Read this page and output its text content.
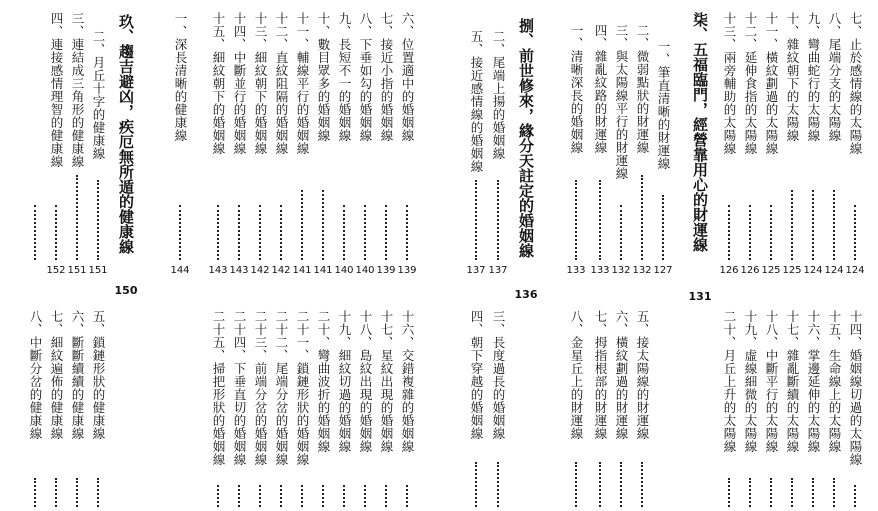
七、止於感情線的太陽線
124
八、尾端分支的太陽線
124
九、彎曲蛇行的太陽線
124
十、雜紋朝下的太陽線
125
十一、橫紋劃過的太陽線
125
十二、延伸食指的太陽線
126
十三、兩旁輔助的太陽線
126
柒、五福臨門，經營靠用心的財運線
131
一、筆直清晰的財運線
127
二、微弱點狀的財運線
132
三、與太陽線平行的財運線
132
四、雜亂紋路的財運線
133
一、清晰深長的婚姻線
133
捌、前世修來，緣分天註定的婚姻線
136
二、尾端上揚的婚姻線
137
五、接近感情線的婚姻線
137
六、位置適中的婚姻線
139
七、接近小指的婚姻線
139
八、下垂如勾的婚姻線
140
九、長短不一的婚姻線
140
十、數目眾多的婚姻線
141
十一、輔線平行的婚姻線
141
十二、直紋阻隔的婚姻線
142
十三、細紋朝下的婚姻線
142
十四、中斷並行的婚姻線
143
十五、細紋朝下的婚姻線
143
一、深長清晰的健康線
144
玖、趨吉避凶，疾厄無所遁的健康線
150
二、月丘十字的健康線
151
三、連結成三角形的健康線
151
四、連接感情理智的健康線
152
十四、婚姻線切過的太陽線
十五、生命線上的太陽線
十六、掌邊延伸的太陽線
十七、雜亂斷續的太陽線
十八、中斷平行的太陽線
十九、虛線細微的太陽線
二十、月丘上升的太陽線
五、接太陽線的財運線
六、橫紋劃過的財運線
七、拇指根部的財運線
八、金星丘上的財運線
三、長度過長的婚姻線
四、朝下穿越的婚姻線
十六、交錯複雜的婚姻線
十七、星紋出現的婚姻線
十八、島紋出現的婚姻線
十九、細紋切過的婚姻線
二十、彎曲波折的婚姻線
二十一、鎖鏈形狀的婚姻線
二十二、尾端分岔的婚姻線
二十三、前端分岔的婚姻線
二十四、下垂直切的婚姻線
二十五、掃把形狀的婚姻線
五、鎖鏈形狀的健康線
六、斷斷續續的健康線
七、細紋遍佈的健康線
八、中斷分岔的健康線
